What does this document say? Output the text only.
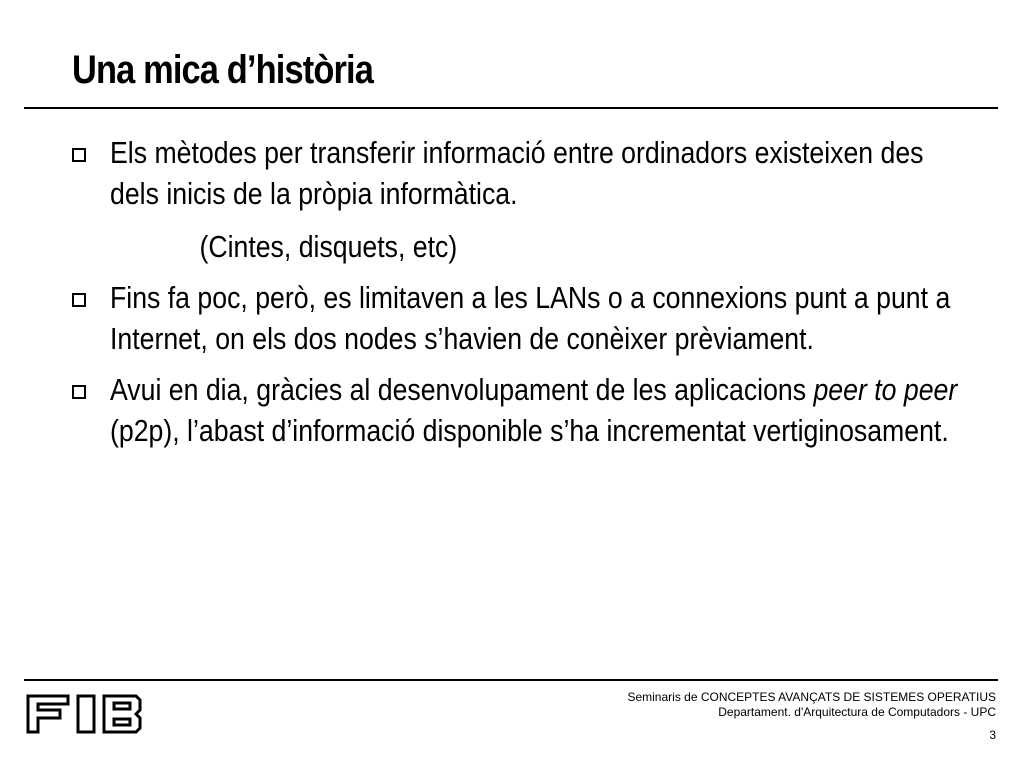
Una mica d’història
Els mètodes per transferir informació entre ordinadors existeixen des dels inicis de la pròpia informàtica.
(Cintes, disquets, etc)
Fins fa poc, però, es limitaven a les LANs o a connexions punt a punt a Internet, on els dos nodes s’havien de conèixer prèviament.
Avui en dia, gràcies al desenvolupament de les aplicacions peer to peer (p2p), l’abast d’informació disponible s’ha incrementat vertiginosament.
Seminaris de CONCEPTES AVANÇATS DE SISTEMES OPERATIUS
Departament. d'Arquitectura de Computadors - UPC
3
